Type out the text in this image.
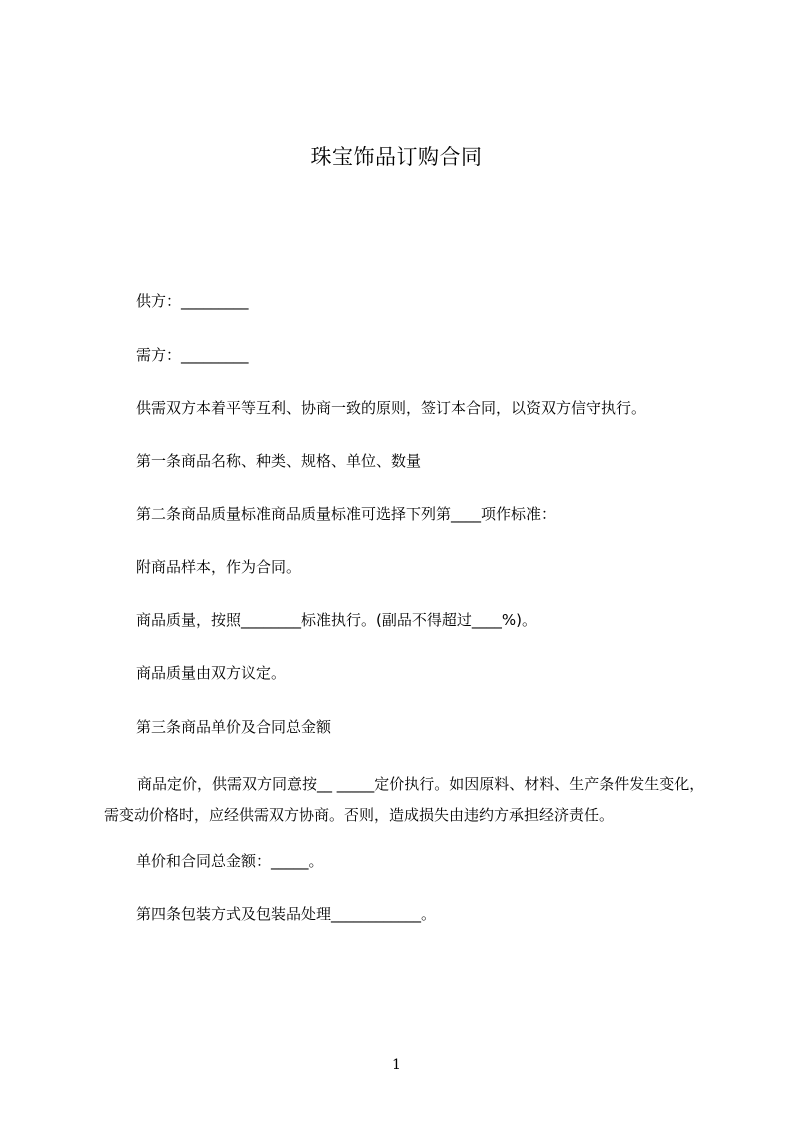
珠宝饰品订购合同
供方：_________
需方：_________
供需双方本着平等互利、协商一致的原则，签订本合同，以资双方信守执行。
第一条商品名称、种类、规格、单位、数量
第二条商品质量标准商品质量标准可选择下列第____项作标准：
附商品样本，作为合同。
商品质量，按照________标准执行。(副品不得超过____%)。
商品质量由双方议定。
第三条商品单价及合同总金额
商品定价，供需双方同意按__ _____定价执行。如因原料、材料、生产条件发生变化，需变动价格时，应经供需双方协商。否则，造成损失由违约方承担经济责任。
单价和合同总金额：_____。
第四条包装方式及包装品处理____________。
1
